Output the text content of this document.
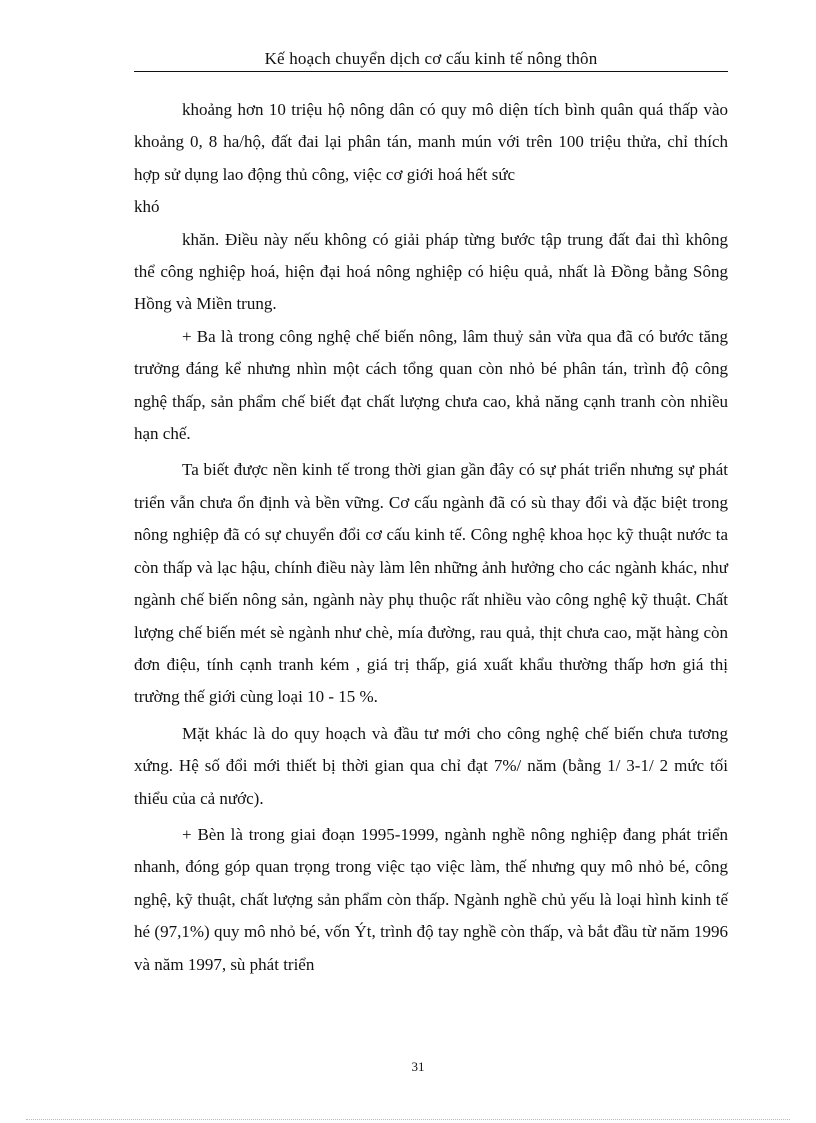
Kế hoạch chuyển dịch cơ cấu kinh tế nông thôn

khoảng hơn 10 triệu hộ nông dân có quy mô diện tích bình quân quá thấp vào khoảng 0, 8 ha/hộ, đất đai lại phân tán, manh mún với trên 100 triệu thửa, chỉ thích hợp sử dụng lao động thủ công, việc cơ giới hoá hết sức

khó

khăn. Điều này nếu không có giải pháp từng bước tập trung đất đai thì không thể công nghiệp hoá, hiện đại hoá nông nghiệp có hiệu quả, nhất là Đồng bằng Sông Hồng và Miền trung.

+ Ba là trong công nghệ chế biến nông, lâm thuỷ sản vừa qua đã có bước tăng trưởng đáng kể nhưng nhìn một cách tổng quan còn nhỏ bé phân tán, trình độ công nghệ thấp, sản phẩm chế biết đạt chất lượng chưa cao, khả năng cạnh tranh còn nhiều hạn chế.

Ta biết được nền kinh tế trong thời gian gần đây có sự phát triển nhưng sự phát triển vẫn chưa ổn định và bền vững. Cơ cấu ngành đã có sù thay đổi và đặc biệt trong nông nghiệp đã có sự chuyển đổi cơ cấu kinh tế. Công nghệ khoa học kỹ thuật nước ta còn thấp và lạc hậu, chính điều này làm lên những ảnh hưởng cho các ngành khác, như ngành chế biến nông sản, ngành này phụ thuộc rất nhiều vào công nghệ kỹ thuật. Chất lượng chế biến mét sè ngành như chè, mía đường, rau quả, thịt chưa cao, mặt hàng còn đơn điệu, tính cạnh tranh kém , giá trị thấp, giá xuất khẩu thường thấp hơn giá thị trường thế giới cùng loại 10 - 15 %.

Mặt khác là do quy hoạch và đầu tư mới cho công nghệ chế biến chưa tương xứng. Hệ số đổi mới thiết bị thời gian qua chỉ đạt 7%/ năm (bằng 1/ 3-1/ 2 mức tối thiểu của cả nước).

+ Bèn là trong giai đoạn 1995-1999, ngành nghề nông nghiệp đang phát triển nhanh, đóng góp quan trọng trong việc tạo việc làm, thế nhưng quy mô nhỏ bé, công nghệ, kỹ thuật, chất lượng sản phẩm còn thấp. Ngành nghề chủ yếu là loại hình kinh tế hé (97,1%) quy mô nhỏ bé, vốn Ýt, trình độ tay nghề còn thấp, và bắt đầu từ năm 1996 và năm 1997, sù phát triển

31
